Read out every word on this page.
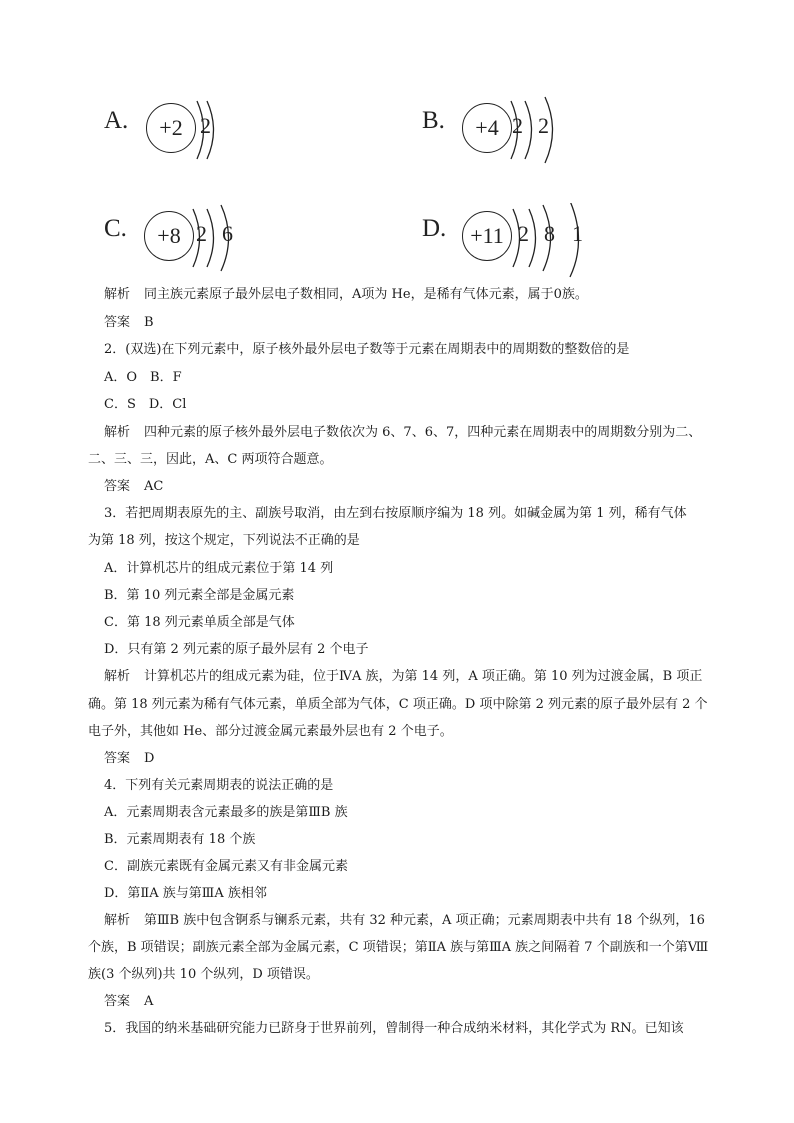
A.	+2 2	B.	+4 2 2
C.	+8 2 6	D.	+11 2 8 1
解析 同主族元素原子最外层电子数相同，A项为 He，是稀有气体元素，属于0族。
答案 B
2．(双选)在下列元素中，原子核外最外层电子数等于元素在周期表中的周期数的整数倍的是
A．O　B．F
C．S　D．Cl
解析 四种元素的原子核外最外层电子数依次为 6、7、6、7，四种元素在周期表中的周期数分别为二、
二、三、三，因此，A、C 两项符合题意。
答案 AC
3．若把周期表原先的主、副族号取消，由左到右按原顺序编为 18 列。如碱金属为第 1 列，稀有气体
为第 18 列，按这个规定，下列说法不正确的是
A．计算机芯片的组成元素位于第 14 列
B．第 10 列元素全部是金属元素
C．第 18 列元素单质全部是气体
D．只有第 2 列元素的原子最外层有 2 个电子
解析 计算机芯片的组成元素为硅，位于ⅣA 族，为第 14 列，A 项正确。第 10 列为过渡金属，B 项正
确。第 18 列元素为稀有气体元素，单质全部为气体，C 项正确。D 项中除第 2 列元素的原子最外层有 2 个
电子外，其他如 He、部分过渡金属元素最外层也有 2 个电子。
答案 D
4．下列有关元素周期表的说法正确的是
A．元素周期表含元素最多的族是第ⅢB 族
B．元素周期表有 18 个族
C．副族元素既有金属元素又有非金属元素
D．第ⅡA 族与第ⅢA 族相邻
解析 第ⅢB 族中包含锕系与镧系元素，共有 32 种元素，A 项正确；元素周期表中共有 18 个纵列，16
个族，B 项错误；副族元素全部为金属元素，C 项错误；第ⅡA 族与第ⅢA 族之间隔着 7 个副族和一个第Ⅷ
族(3 个纵列)共 10 个纵列，D 项错误。
答案 A
5．我国的纳米基础研究能力已跻身于世界前列，曾制得一种合成纳米材料，其化学式为 RN。已知该
